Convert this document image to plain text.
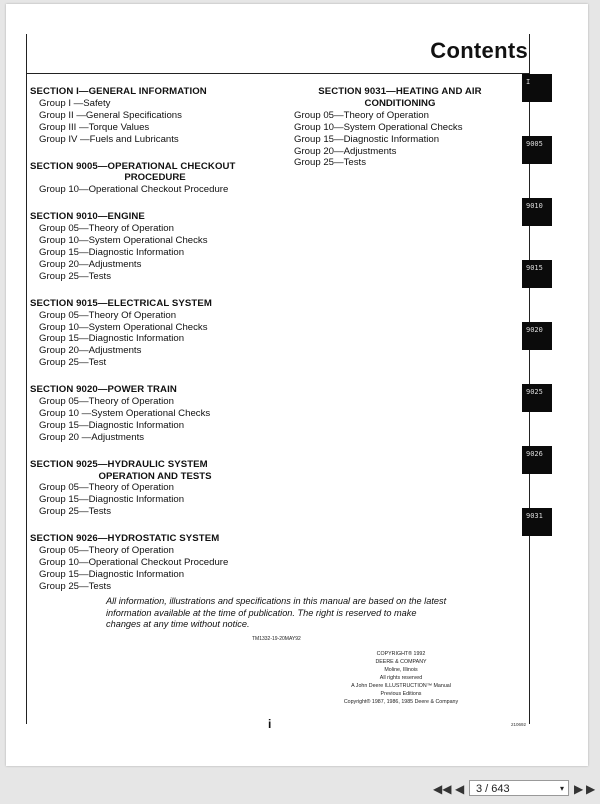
Contents
SECTION I—GENERAL INFORMATION
Group I —Safety
Group II —General Specifications
Group III —Torque Values
Group IV —Fuels and Lubricants
SECTION 9005—OPERATIONAL CHECKOUT
PROCEDURE
Group 10—Operational Checkout Procedure
SECTION 9010—ENGINE
Group 05—Theory of Operation
Group 10—System Operational Checks
Group 15—Diagnostic Information
Group 20—Adjustments
Group 25—Tests
SECTION 9015—ELECTRICAL SYSTEM
Group 05—Theory Of Operation
Group 10—System Operational Checks
Group 15—Diagnostic Information
Group 20—Adjustments
Group 25—Test
SECTION 9020—POWER TRAIN
Group 05—Theory of Operation
Group 10 —System Operational Checks
Group 15—Diagnostic Information
Group 20 —Adjustments
SECTION 9025—HYDRAULIC SYSTEM
OPERATION AND TESTS
Group 05—Theory of Operation
Group 15—Diagnostic Information
Group 25—Tests
SECTION 9026—HYDROSTATIC SYSTEM
Group 05—Theory of Operation
Group 10—Operational Checkout Procedure
Group 15—Diagnostic Information
Group 25—Tests
SECTION 9031—HEATING AND AIR
CONDITIONING
Group 05—Theory of Operation
Group 10—System Operational Checks
Group 15—Diagnostic Information
Group 20—Adjustments
Group 25—Tests
All information, illustrations and specifications in this manual are based on the latest information available at the time of publication. The right is reserved to make changes at any time without notice.
TM1332-19-20MAY92
COPYRIGHT® 1992
DEERE & COMPANY
Moline, Illinois
All rights reserved
A John Deere ILLUSTRUCTION™ Manual
Previous Editions
Copyright® 1987, 1986, 1985 Deere & Company
i	210692
I
9005
9010
9015
9020
9025
9026
9031
◀◀ ◀	3 / 643	▾ ▶ ▶
